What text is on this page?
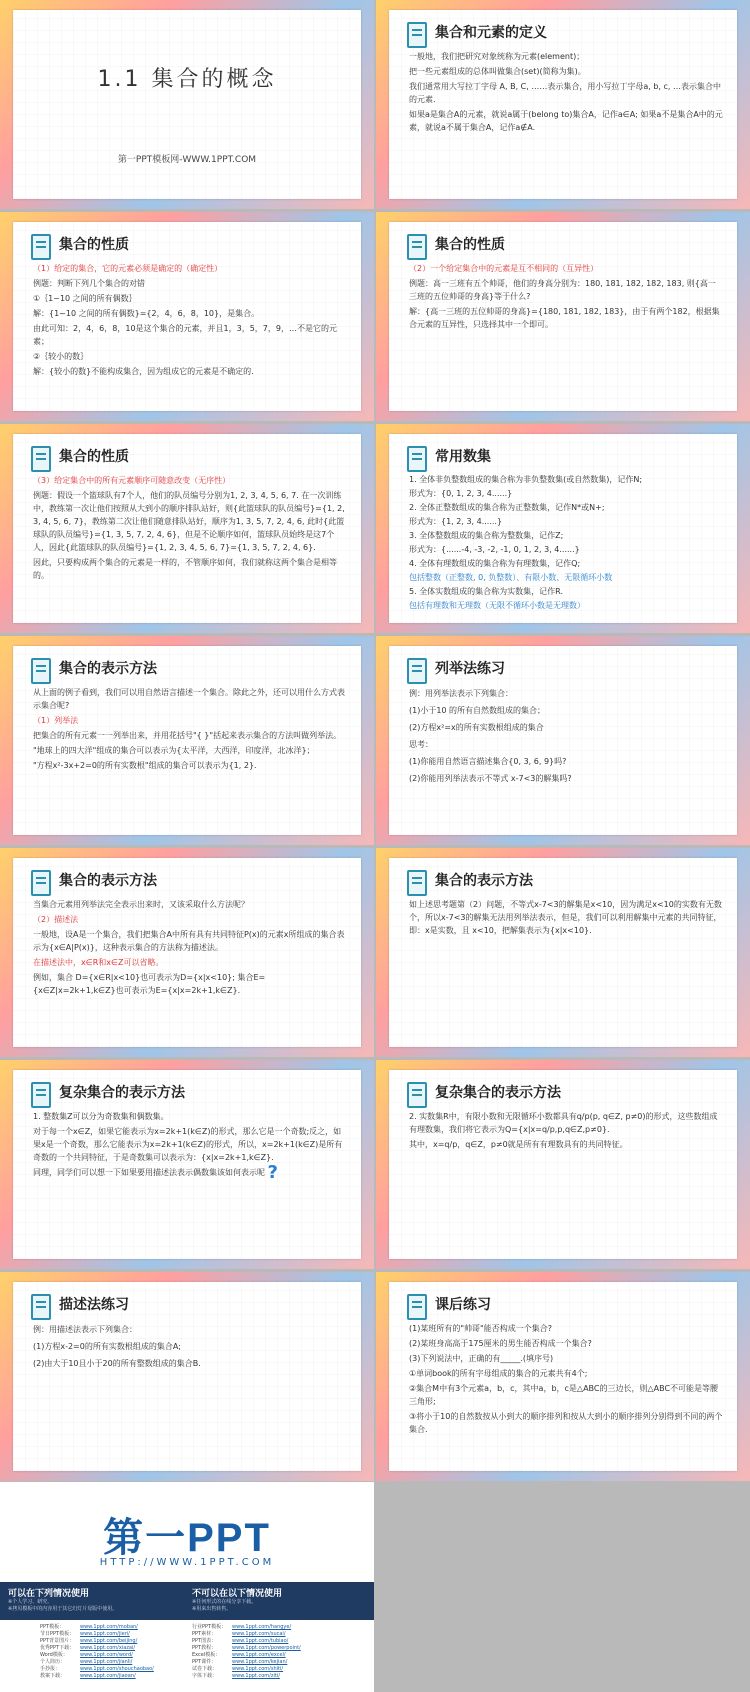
1.1 集合的概念
第一PPT模板网-WWW.1PPT.COM
集合和元素的定义

一般地，我们把研究对象统称为元素(element)；

把一些元素组成的总体叫做集合(set)(简称为集)。

我们通常用大写拉丁字母 A, B, C, ……表示集合，用小写拉丁字母a, b, c, …表示集合中的元素.

如果a是集合A的元素，就说a属于(belong to)集合A，记作a∈A; 如果a不是集合A中的元素，就说a不属于集合A，记作a∉A.

集合的性质

（1）给定的集合，它的元素必须是确定的（确定性）

例题：判断下列几个集合的对错

①｛1~10 之间的所有偶数｝

解：{1~10 之间的所有偶数}={2，4，6，8，10}，是集合。

由此可知：2，4，6，8，10是这个集合的元素，并且1，3，5，7，9，…不是它的元素；

②｛较小的数｝

解：{较小的数}不能构成集合，因为组成它的元素是不确定的.

集合的性质

（2）一个给定集合中的元素是互不相同的（互异性）

例题：高一三班有五个帅哥，他们的身高分别为：180, 181, 182, 182, 183, 则{高一三班的五位帅哥的身高}等于什么?

解：{高一三班的五位帅哥的身高}={180, 181, 182, 183}，由于有两个182，根据集合元素的互异性，只选择其中一个即可。

集合的性质

（3）给定集合中的所有元素顺序可随意改变（无序性）

例题：假设一个篮球队有7个人，他们的队员编号分别为1, 2, 3, 4, 5, 6, 7. 在一次训练中，教练第一次让他们按照从大到小的顺序排队站好，则{此篮球队的队员编号}={1, 2, 3, 4, 5, 6, 7}，教练第二次让他们随意排队站好，顺序为1, 3, 5, 7, 2, 4, 6, 此时{此篮球队的队员编号}={1, 3, 5, 7, 2, 4, 6}，但是不论顺序如何，篮球队员始终是这7个人，因此{此篮球队的队员编号}={1, 2, 3, 4, 5, 6, 7}={1, 3, 5, 7, 2, 4, 6}.

因此，只要构成两个集合的元素是一样的，不管顺序如何，我们就称这两个集合是相等的。

常用数集

1. 全体非负整数组成的集合称为非负整数集(或自然数集)，记作N;

形式为：{0, 1, 2, 3, 4......}

2. 全体正整数组成的集合称为正整数集，记作N*或N+;

形式为：{1, 2, 3, 4......}

3. 全体整数组成的集合称为整数集，记作Z;

形式为：{......-4, -3, -2, -1, 0, 1, 2, 3, 4......}

4. 全体有理数组成的集合称为有理数集，记作Q;

包括整数（正整数, 0, 负整数）、有限小数、无限循环小数

5. 全体实数组成的集合称为实数集，记作R.

包括有理数和无理数（无限不循环小数是无理数）

集合的表示方法

从上面的例子看到，我们可以用自然语言描述一个集合。除此之外，还可以用什么方式表示集合呢?

（1）列举法

把集合的所有元素一一列举出来，并用花括号"{ }"括起来表示集合的方法叫做列举法。

"地球上的四大洋"组成的集合可以表示为{太平洋，大西洋，印度洋，北冰洋}；

"方程x²-3x+2=0的所有实数根"组成的集合可以表示为{1, 2}.

列举法练习

例：用列举法表示下列集合：

(1)小于10 的所有自然数组成的集合；

(2)方程x²=x的所有实数根组成的集合

思考：

(1)你能用自然语言描述集合{0, 3, 6, 9}吗?

(2)你能用列举法表示不等式 x-7<3的解集吗?

集合的表示方法

当集合元素用列举法完全表示出来时，又该采取什么方法呢？

（2）描述法

一般地，设A是一个集合，我们把集合A中所有具有共同特征P(x)的元素x所组成的集合表示为{x∈A|P(x)}，这种表示集合的方法称为描述法。

在描述法中，x∈R和x∈Z可以省略。

例如，集合 D={x∈R|x<10}也可表示为D={x|x<10}; 集合E={x∈Z|x=2k+1,k∈Z}也可表示为E={x|x=2k+1,k∈Z}.

集合的表示方法

如上述思考题第（2）问题，不等式x-7<3的解集是x<10，因为满足x<10的实数有无数个，所以x-7<3的解集无法用列举法表示，但是，我们可以利用解集中元素的共同特征，即：x是实数，且 x<10，把解集表示为{x|x<10}.

复杂集合的表示方法

1. 整数集Z可以分为奇数集和偶数集。

对于每一个x∈Z，如果它能表示为x=2k+1(k∈Z)的形式，那么它是一个奇数;反之，如果x是一个奇数，那么它能表示为x=2k+1(k∈Z)的形式，所以，x=2k+1(k∈Z)是所有奇数的一个共同特征，于是奇数集可以表示为：{x|x=2k+1,k∈Z}.

同理，同学们可以想一下如果要用描述法表示偶数集该如何表示呢 ?

复杂集合的表示方法

2. 实数集R中，有限小数和无限循环小数都具有q/p(p, q∈Z, p≠0)的形式，这些数组成有理数集，我们将它表示为Q={x|x=q/p,p,q∈Z,p≠0}.

其中，x=q/p，q∈Z，p≠0就是所有有理数具有的共同特征。

描述法练习

例：用描述法表示下列集合：

(1)方程x-2=0的所有实数根组成的集合A;

(2)由大于10且小于20的所有整数组成的集合B.

课后练习

(1)某班所有的"帅哥"能否构成一个集合?

(2)某班身高高于175厘米的男生能否构成一个集合?

(3)下列说法中，正确的有_____.(填序号)

①单词book的所有字母组成的集合的元素共有4个;

②集合M中有3个元素a，b，c，其中a，b，c是△ABC的三边长，则△ABC不可能是等腰三角形;

③将小于10的自然数按从小到大的顺序排列和按从大到小的顺序排列分别得到不同的两个集合.

第一PPT
HTTP://WWW.1PPT.COM
可以在下列情况使用
※个人学习、研究。
※拷贝模板中的内容用于其它幻灯片母版中使用。
不可以在以下情况使用
※任何形式的在线分享下载。
※用来出售转售。
PPT模板：	www.1ppt.com/moban/
节日PPT模板： www.1ppt.com/jieri/
PPT背景图片： www.1ppt.com/beijing/
优秀PPT下载： www.1ppt.com/xiazai/
Word模板： www.1ppt.com/word/
个人简历：	www.1ppt.com/jianli/
手抄报：	www.1ppt.com/shouchaobao/
教案下载：	www.1ppt.com/jiaoan/
行业PPT模板： www.1ppt.com/hangye/
PPT素材：	www.1ppt.com/sucai/
PPT图表：	www.1ppt.com/tubiao/
PPT教程：	www.1ppt.com/powerpoint/
Excel模板： www.1ppt.com/excel/
PPT课件：	www.1ppt.com/kejian/
试卷下载：	www.1ppt.com/shiti/
字体下载：	www.1ppt.com/ziti/
